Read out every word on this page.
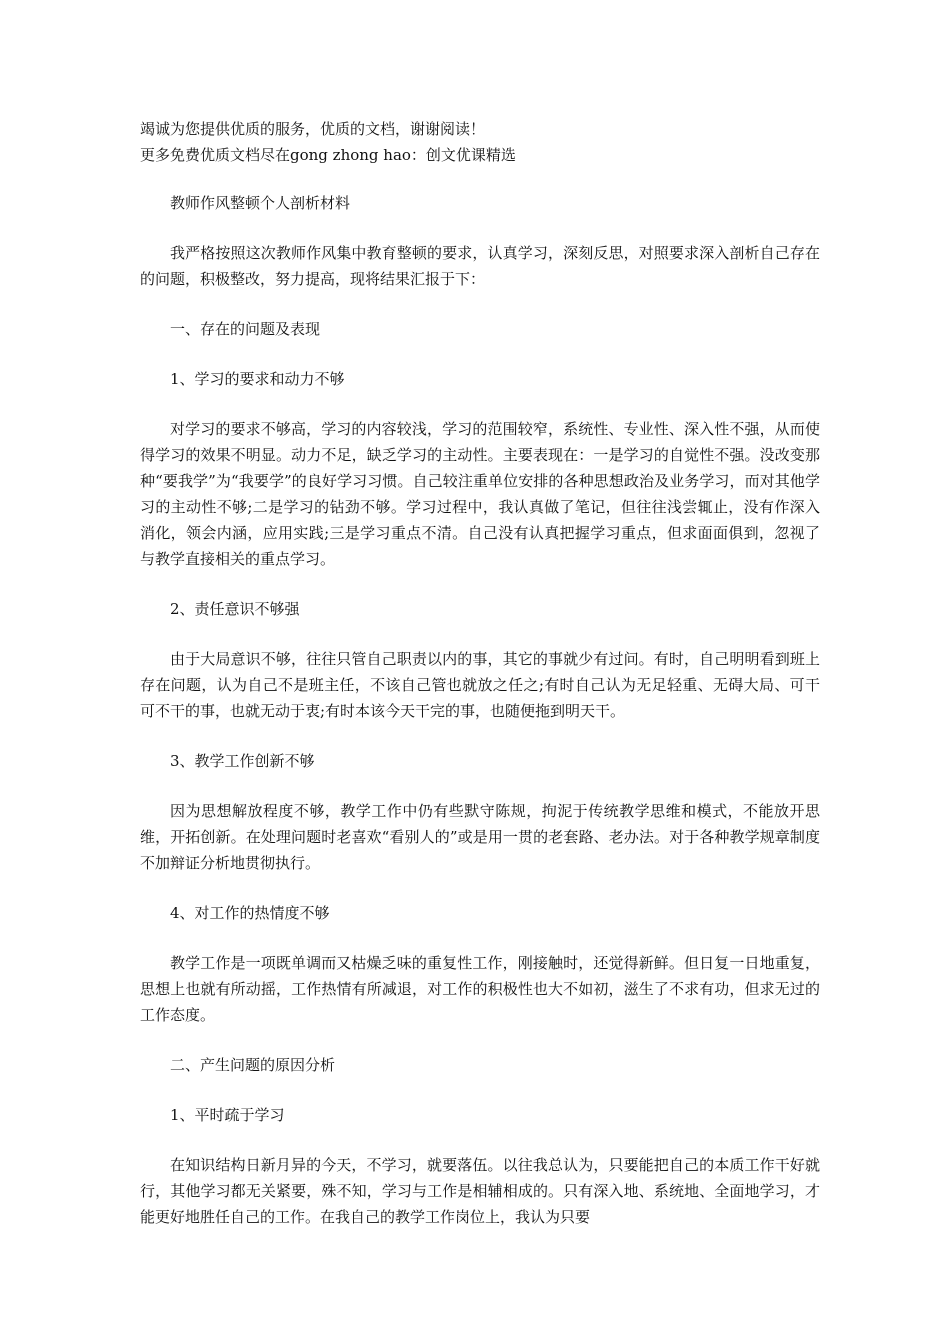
竭诚为您提供优质的服务，优质的文档，谢谢阅读！

更多免费优质文档尽在gong zhong hao：创文优课精选

教师作风整顿个人剖析材料

我严格按照这次教师作风集中教育整顿的要求，认真学习，深刻反思，对照要求深入剖析自己存在的问题，积极整改，努力提高，现将结果汇报于下：

一、存在的问题及表现

1、学习的要求和动力不够

对学习的要求不够高，学习的内容较浅，学习的范围较窄，系统性、专业性、深入性不强，从而使得学习的效果不明显。动力不足，缺乏学习的主动性。主要表现在：一是学习的自觉性不强。没改变那种“要我学”为“我要学”的良好学习习惯。自己较注重单位安排的各种思想政治及业务学习，而对其他学习的主动性不够;二是学习的钻劲不够。学习过程中，我认真做了笔记，但往往浅尝辄止，没有作深入消化，领会内涵，应用实践;三是学习重点不清。自己没有认真把握学习重点，但求面面俱到，忽视了与教学直接相关的重点学习。

2、责任意识不够强

由于大局意识不够，往往只管自己职责以内的事，其它的事就少有过问。有时，自己明明看到班上存在问题，认为自己不是班主任，不该自己管也就放之任之;有时自己认为无足轻重、无碍大局、可干可不干的事，也就无动于衷;有时本该今天干完的事，也随便拖到明天干。

3、教学工作创新不够

因为思想解放程度不够，教学工作中仍有些默守陈规，拘泥于传统教学思维和模式，不能放开思维，开拓创新。在处理问题时老喜欢“看别人的”或是用一贯的老套路、老办法。对于各种教学规章制度不加辩证分析地贯彻执行。

4、对工作的热情度不够

教学工作是一项既单调而又枯燥乏味的重复性工作，刚接触时，还觉得新鲜。但日复一日地重复，思想上也就有所动摇，工作热情有所减退，对工作的积极性也大不如初，滋生了不求有功，但求无过的工作态度。

二、产生问题的原因分析

1、平时疏于学习

在知识结构日新月异的今天，不学习，就要落伍。以往我总认为，只要能把自己的本质工作干好就行，其他学习都无关紧要，殊不知，学习与工作是相辅相成的。只有深入地、系统地、全面地学习，才能更好地胜任自己的工作。在我自己的教学工作岗位上，我认为只要
